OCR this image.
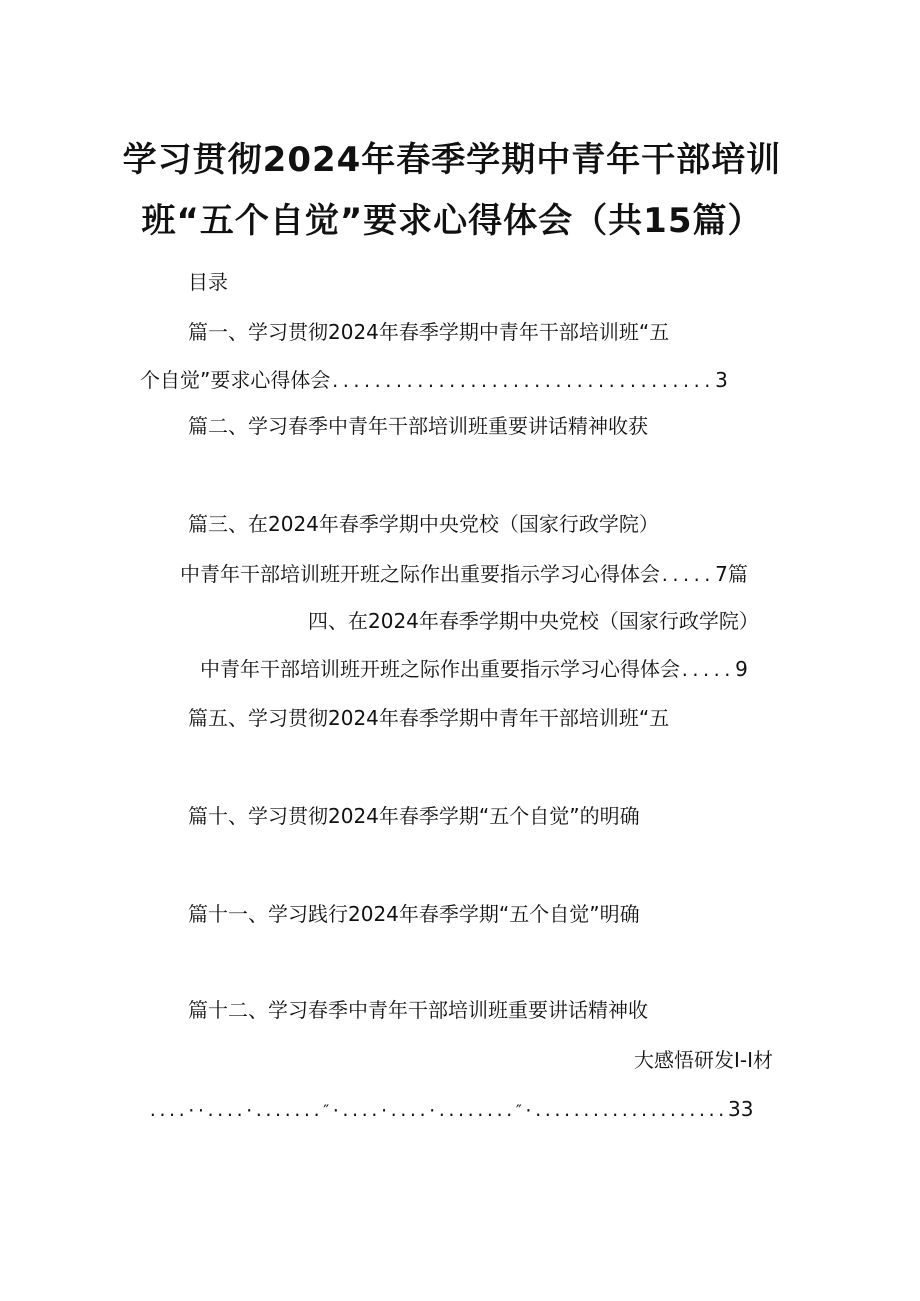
学习贯彻2024年春季学期中青年干部培训
班“五个自觉”要求心得体会（共15篇）
目录
篇一、学习贯彻2024年春季学期中青年干部培训班“五
个自觉”要求心得体会.................................... 3
篇二、学习春季中青年干部培训班重要讲话精神收获
篇三、在2024年春季学期中央党校（国家行政学院）
中青年干部培训班开班之际作出重要指示学习心得体会..... 7篇
四、在2024年春季学期中央党校（国家行政学院）
中青年干部培训班开班之际作出重要指示学习心得体会..... 9
篇五、学习贯彻2024年春季学期中青年干部培训班“五
篇十、学习贯彻2024年春季学期“五个自觉”的明确
篇十一、学习践行2024年春季学期“五个自觉”明确
篇十二、学习春季中青年干部培训班重要讲话精神收
大感悟研发I-I材
....··....·.......″·....·....·........″·.................... 33
